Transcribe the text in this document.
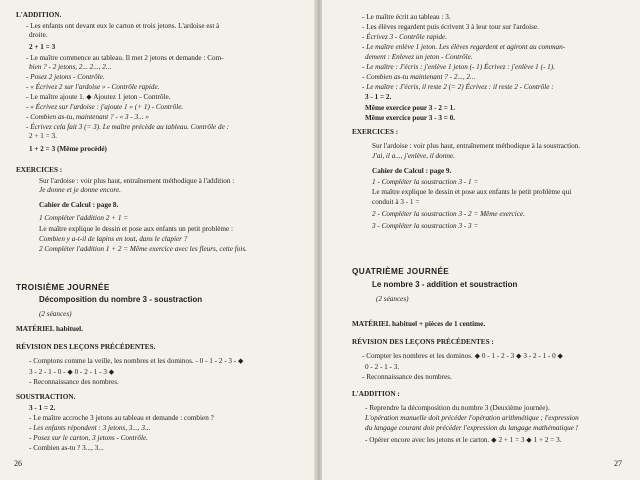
L'ADDITION.
- Les enfants ont devant eux le carton et trois jetons. L'ardoise est à
droite.
2 + 1 = 3
- Le maître commence au tableau. Il met 2 jetons et demande : Com-
bien ? - 2 jetons, 2... 2..., 2...
- Posez 2 jetons - Contrôle.
- « Écrivez 2 sur l'ardoise » - Contrôle rapide.
- Le maître ajoute 1. ◆ Ajoutez 1 jeton - Contrôle.
- « Écrivez sur l'ardoise : j'ajoute 1 » (+ 1) - Contrôle.
- Combien as-tu, maintenant ? - « 3 - 3... »
- Écrivez cela fait 3 (= 3). Le maître précède au tableau. Contrôle de :
2 + 1 = 3.
1 + 2 = 3 (Même procédé)
EXERCICES :
Sur l'ardoise : voir plus haut, entraînement méthodique à l'addition :
Je donne et je donne encore.
Cahier de Calcul : page 8.
1 Compléter l'addition 2 + 1 =
Le maître explique le dessin et pose aux enfants un petit problème :
Combien y a-t-il de lapins en tout, dans le clapier ?
2 Compléter l'addition 1 + 2 = Même exercice avec les fleurs, cette fois.
TROISIÈME JOURNÉE
Décomposition du nombre 3 - soustraction
(2 séances)
MATÉRIEL habituel.
RÉVISION DES LEÇONS PRÉCÉDENTES.
- Comptons comme la veille, les nombres et les dominos. - 0 - 1 - 2 - 3 - ◆
3 - 2 - 1 - 0 - ◆ 0 - 2 - 1 - 3 ◆
- Reconnaissance des nombres.
SOUSTRACTION.
3 - 1 = 2.
- Le maître accroche 3 jetons au tableau et demande : combien ?
- Les enfants répondent : 3 jetons, 3..., 3...
- Posez sur le carton, 3 jetons - Contrôle.
- Combien as-tu ? 3..., 3...
26
- Le maître écrit au tableau : 3.
- Les élèves regardent puis écrivent 3 à leur tour sur l'ardoise.
- Écrivez 3 - Contrôle rapide.
- Le maître enlève 1 jeton. Les élèves regardent et agiront au comman-
dement : Enlevez un jeton - Contrôle.
- Le maître : J'écris : j'enlève 1 jeton (- 1) Écrivez : j'enlève 1 (- 1).
- Combien as-tu maintenant ? - 2..., 2...
- Le maître : J'écris, il reste 2 (= 2) Écrivez : il reste 2 - Contrôle :
3 - 1 = 2.
Même exercice pour 3 - 2 = 1.
Même exercice pour 3 - 3 = 0.
EXERCICES :
Sur l'ardoise : voir plus haut, entraînement méthodique à la soustraction.
J'ai, il a..., j'enlève, il donne.
Cahier de Calcul : page 9.
1 - Compléter la soustraction 3 - 1 =
Le maître explique le dessin et pose aux enfants le petit problème qui
conduit à 3 - 1 =
2 - Compléter la soustraction 3 - 2 = Même exercice.
3 - Compléter la soustraction 3 - 3 =
QUATRIÈME JOURNÉE
Le nombre 3 - addition et soustraction
(2 séances)
MATÉRIEL habituel + pièces de 1 centime.
RÉVISION DES LEÇONS PRÉCÉDENTES :
- Compter les nombres et les dominos. ◆ 0 - 1 - 2 - 3 ◆ 3 - 2 - 1 - 0 ◆
0 - 2 - 1 - 3.
- Reconnaissance des nombres.
L'ADDITION :
- Reprendre la décomposition du nombre 3 (Deuxième journée).
L'opération manuelle doit précéder l'opération arithmétique ; l'expression
du langage courant doit précéder l'expression du langage mathématique !
- Opérer encore avec les jetons et le carton. ◆ 2 + 1 = 3 ◆ 1 + 2 = 3.
27
